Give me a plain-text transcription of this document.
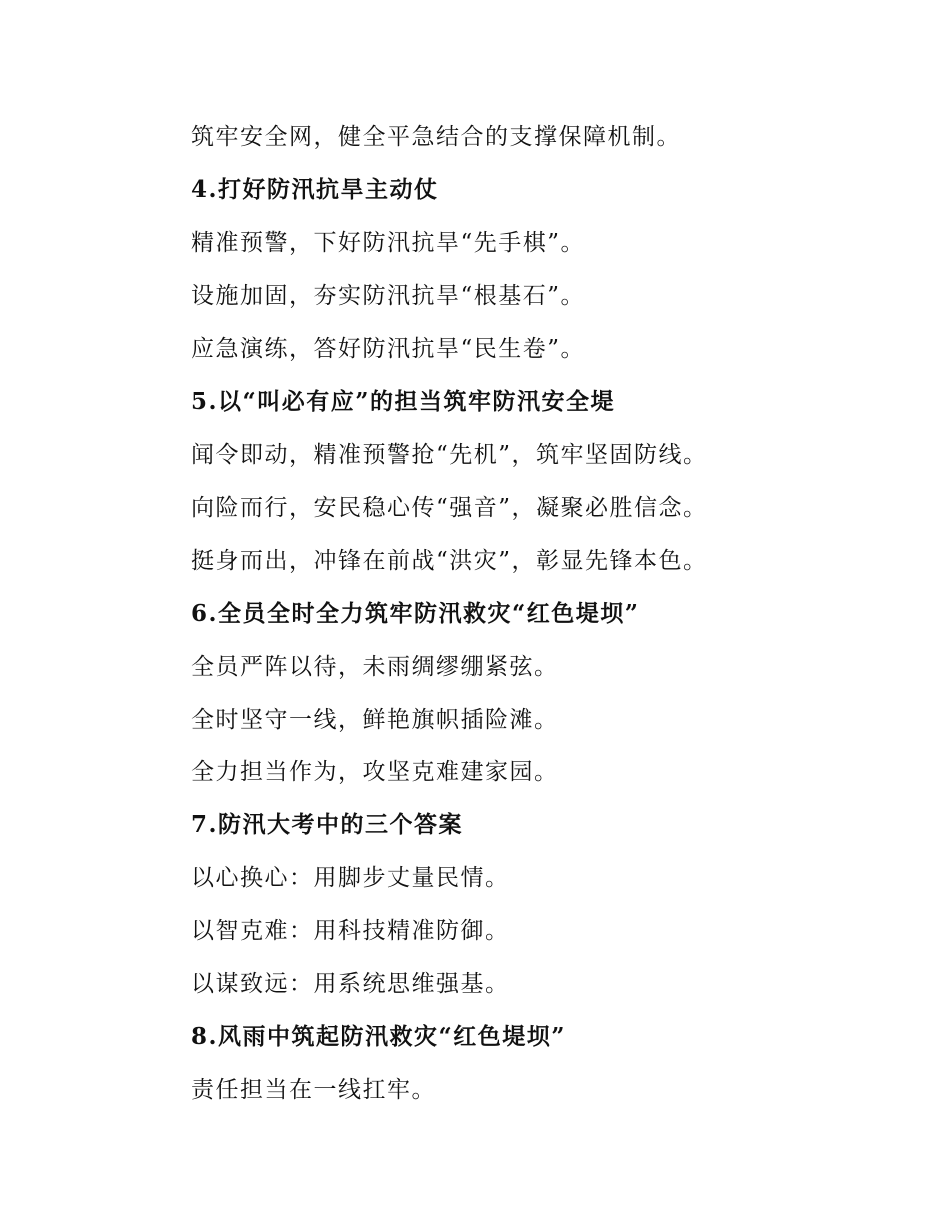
筑牢安全网，健全平急结合的支撑保障机制。
4.打好防汛抗旱主动仗
精准预警，下好防汛抗旱“先手棋”。
设施加固，夯实防汛抗旱“根基石”。
应急演练，答好防汛抗旱“民生卷”。
5.以“叫必有应”的担当筑牢防汛安全堤
闻令即动，精准预警抢“先机”，筑牢坚固防线。
向险而行，安民稳心传“强音”，凝聚必胜信念。
挺身而出，冲锋在前战“洪灾”，彰显先锋本色。
6.全员全时全力筑牢防汛救灾“红色堤坝”
全员严阵以待，未雨绸缪绷紧弦。
全时坚守一线，鲜艳旗帜插险滩。
全力担当作为，攻坚克难建家园。
7.防汛大考中的三个答案
以心换心：用脚步丈量民情。
以智克难：用科技精准防御。
以谋致远：用系统思维强基。
8.风雨中筑起防汛救灾“红色堤坝”
责任担当在一线扛牢。
